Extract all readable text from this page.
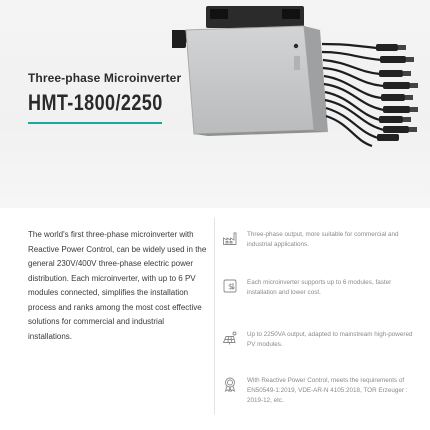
Three-phase Microinverter
HMT-1800/2250
The world's first three-phase microinverter with Reactive Power Control, can be widely used in the general 230V/400V three-phase electric power distribution. Each microinverter, with up to 6 PV modules connected, simplifies the installation process and ranks among the most cost effective solutions for commercial and industrial installations.
Three-phase output, more suitable for commercial and industrial applications.
$ Each microinverter supports up to 6 modules, faster installation and lower cost.
Up to 2250VA output, adapted to mainstream high-powered PV modules.
With Reactive Power Control, meets the requirements of EN50549-1:2019, VDE-AR-N 4105:2018, TOR Erzeuger : 2019-12, etc.
